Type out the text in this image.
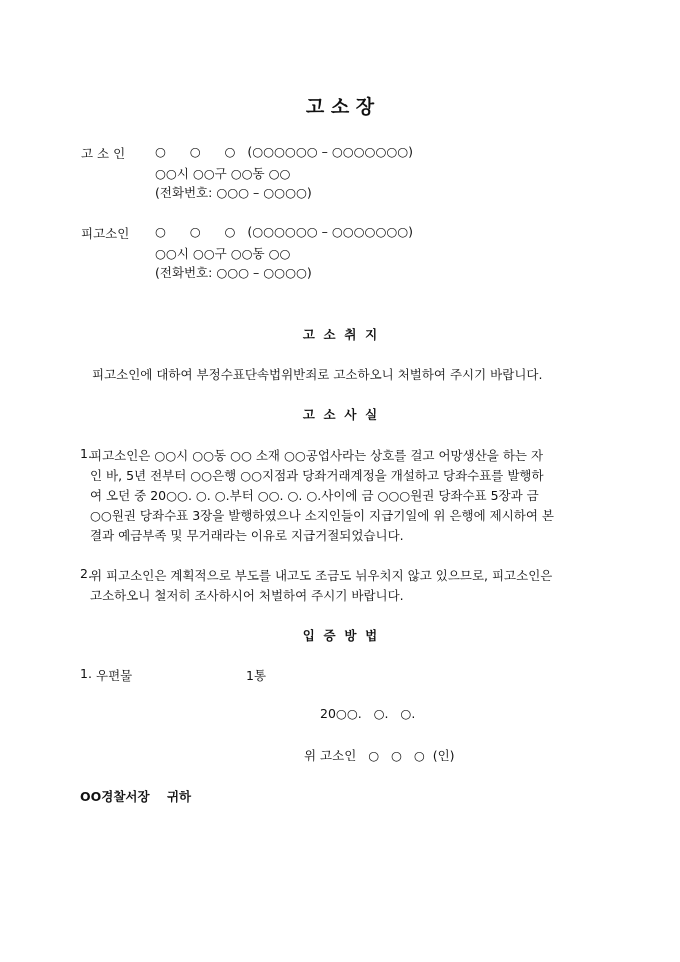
고 소 장
고 소 인	○      ○      ○   (○○○○○○ – ○○○○○○○)
○○시 ○○구 ○○동 ○○
(전화번호: ○○○ – ○○○○)
피고소인	○      ○      ○   (○○○○○○ – ○○○○○○○)
○○시 ○○구 ○○동 ○○
(전화번호: ○○○ – ○○○○)
고  소  취  지
피고소인에 대하여 부정수표단속법위반죄로 고소하오니 처벌하여 주시기 바랍니다.
고  소  사  실
1.
피고소인은 ○○시 ○○동 ○○ 소재 ○○공업사라는 상호를 걸고 어망생산을 하는 자
인 바, 5년 전부터 ○○은행 ○○지점과 당좌거래계정을 개설하고 당좌수표를 발행하
여 오던 중 20○○. ○. ○.부터 ○○. ○. ○.사이에 금 ○○○원권 당좌수표 5장과 금
○○원권 당좌수표 3장을 발행하였으나 소지인들이 지급기일에 위 은행에 제시하여 본
결과 예금부족 및 무거래라는 이유로 지급거절되었습니다.
2.
위 피고소인은 계획적으로 부도를 내고도 조금도 뉘우치지 않고 있으므로, 피고소인은
고소하오니 철저히 조사하시어 처벌하여 주시기 바랍니다.
입  증  방  법
1. 우편물	1통
20○○.   ○.   ○.
위 고소인   ○   ○   ○  (인)
OO경찰서장    귀하
